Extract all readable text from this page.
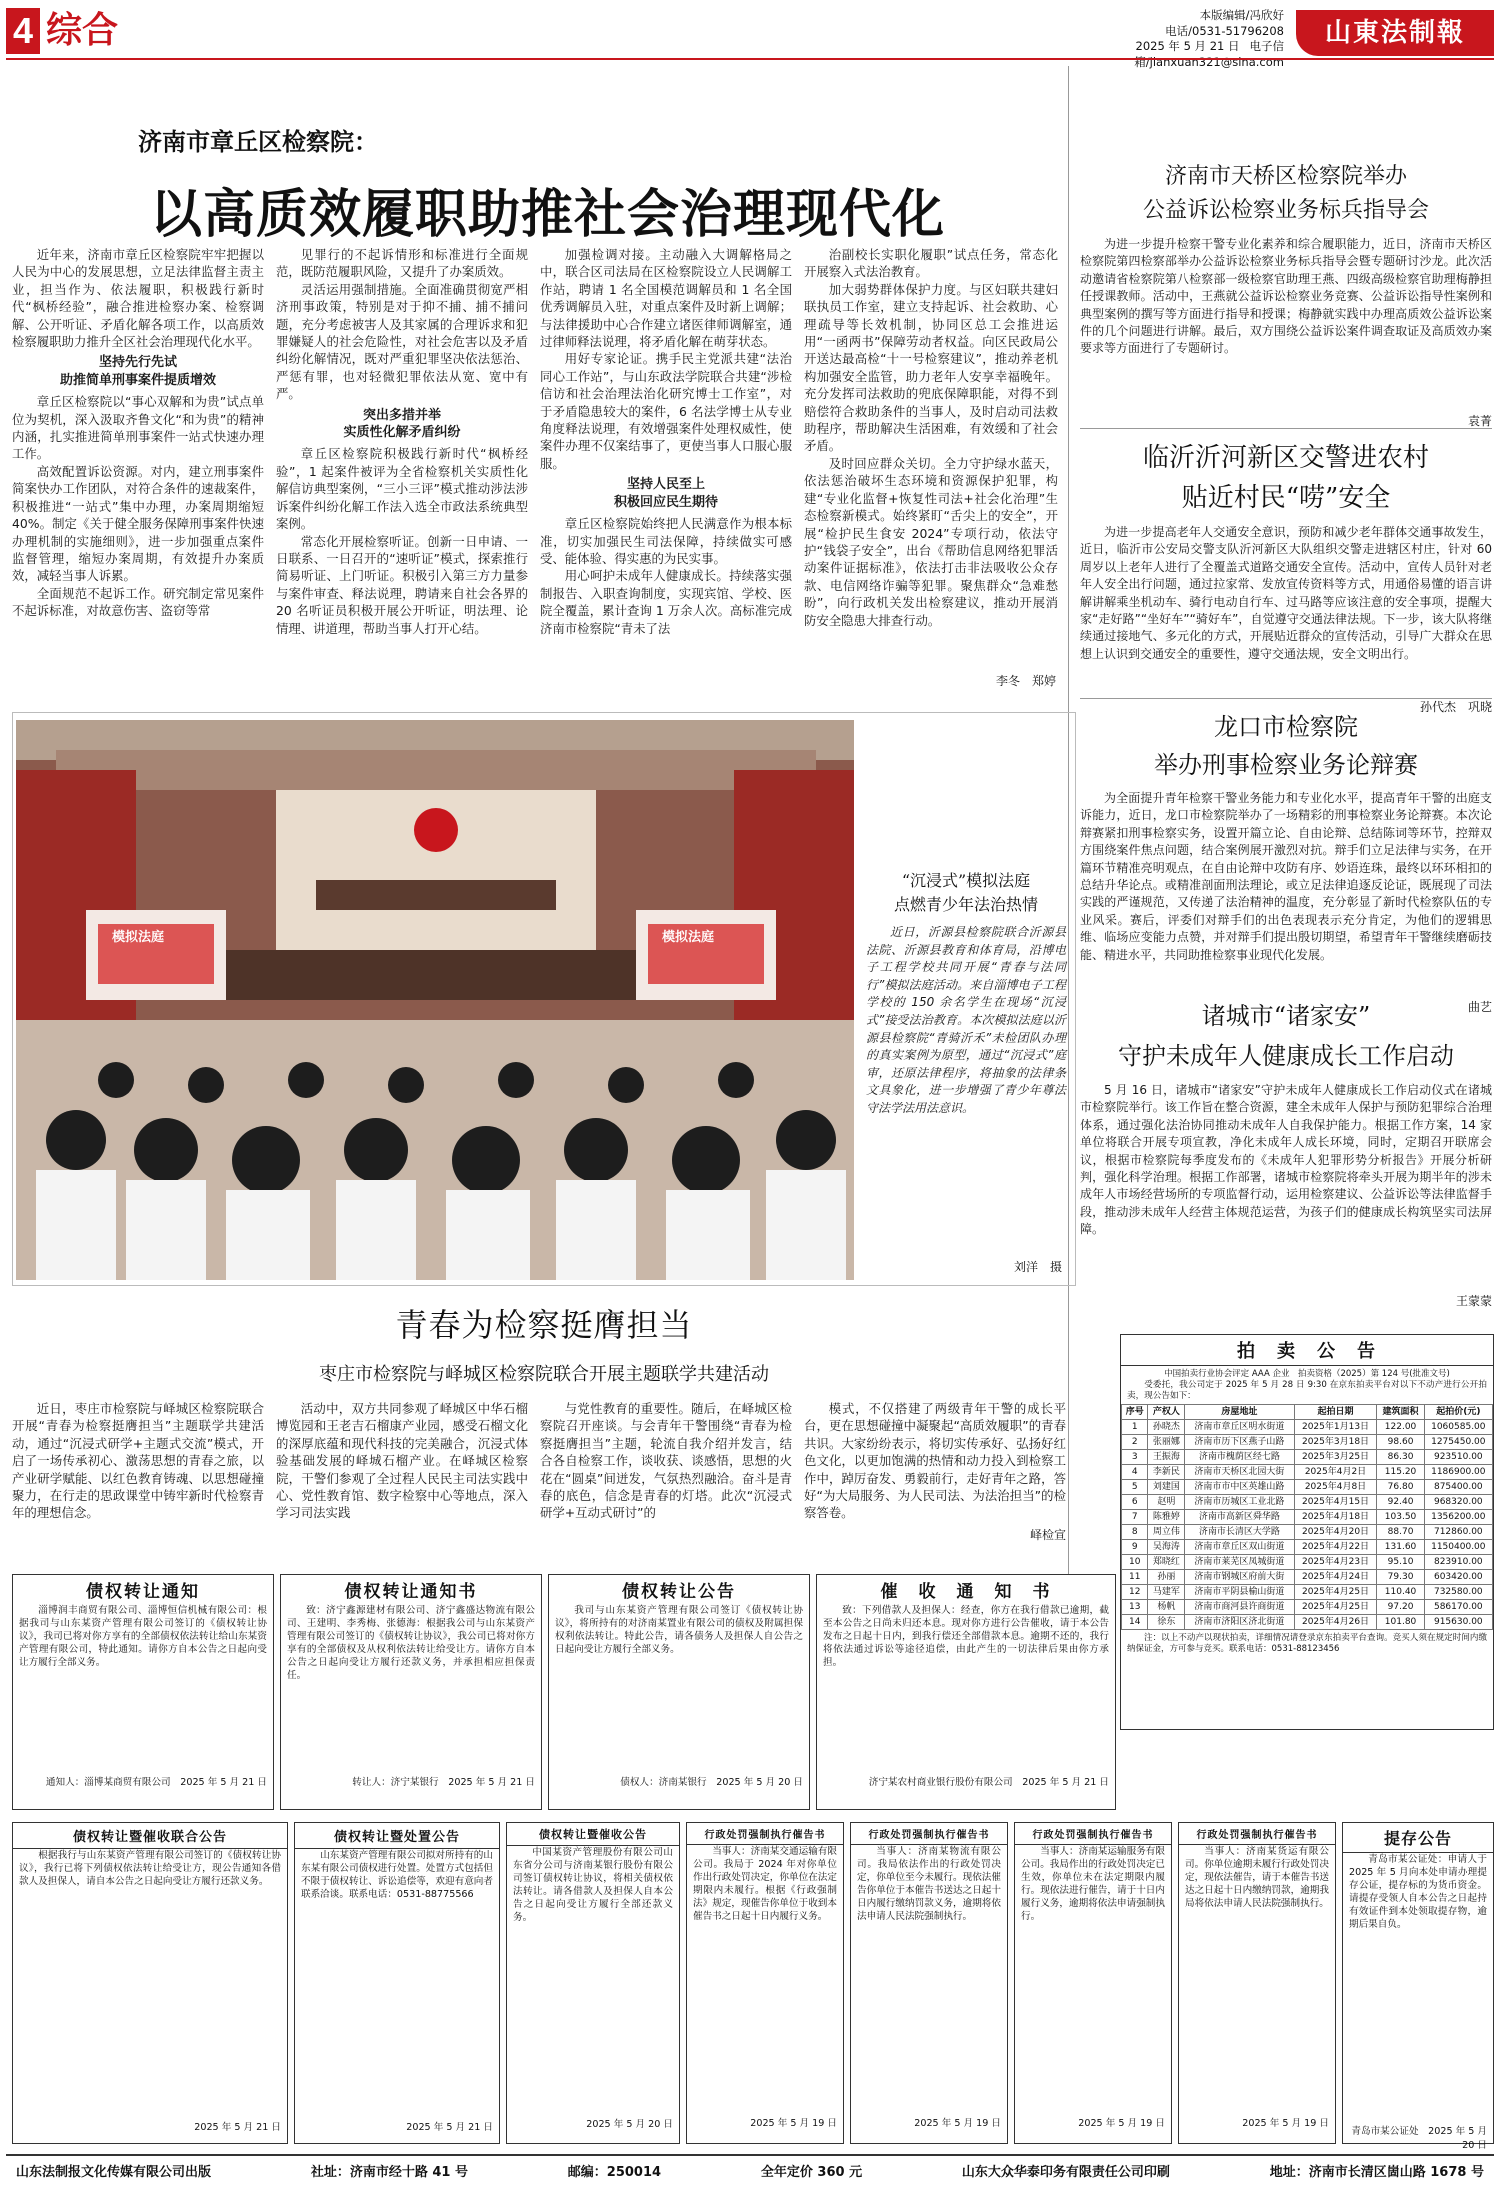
4 综合	本版编辑/冯欣好
电话/0531-51796208
2025 年 5 月 21 日 电子信箱/jianxuan321@sina.com
山東法制報
济南市章丘区检察院：
以高质效履职助推社会治理现代化

近年来，济南市章丘区检察院牢牢把握以人民为中心的发展思想，立足法律监督主责主业，担当作为、依法履职，积极践行新时代“枫桥经验”，融合推进检察办案、检察调解、公开听证、矛盾化解各项工作，以高质效检察履职助力推升全区社会治理现代化水平。

坚持先行先试
助推简单刑事案件提质增效

章丘区检察院以“事心双解和为贵”试点单位为契机，深入汲取齐鲁文化“和为贵”的精神内涵，扎实推进简单刑事案件一站式快速办理工作。

高效配置诉讼资源。对内，建立刑事案件简案快办工作团队，对符合条件的速裁案件，积极推进“一站式”集中办理，办案周期缩短 40%。制定《关于健全服务保障刑事案件快速办理机制的实施细则》，进一步加强重点案件监督管理，缩短办案周期，有效提升办案质效，减轻当事人诉累。

全面规范不起诉工作。研究制定常见案件不起诉标准，对故意伤害、盗窃等常

见罪行的不起诉情形和标准进行全面规范，既防范履职风险，又提升了办案质效。

灵活运用强制措施。全面准确贯彻宽严相济刑事政策，特别是对于抑不捕、捕不捕问题，充分考虑被害人及其家属的合理诉求和犯罪嫌疑人的社会危险性，对社会危害以及矛盾纠纷化解情况，既对严重犯罪坚决依法惩治、严惩有罪，也对轻微犯罪依法从宽、宽中有严。

突出多措并举
实质性化解矛盾纠纷

章丘区检察院积极践行新时代“枫桥经验”，1 起案件被评为全省检察机关实质性化解信访典型案例，“三小三评”模式推动涉法涉诉案件纠纷化解工作法入选全市政法系统典型案例。

常态化开展检察听证。创新一日申请、一日联系、一日召开的“速听证”模式，探索推行简易听证、上门听证。积极引入第三方力量参与案件审查、释法说理，聘请来自社会各界的 20 名听证员积极开展公开听证，明法理、论情理、讲道理，帮助当事人打开心结。

加强检调对接。主动融入大调解格局之中，联合区司法局在区检察院设立人民调解工作站，聘请 1 名全国模范调解员和 1 名全国优秀调解员入驻，对重点案件及时新上调解；与法律援助中心合作建立诸医律师调解室，通过律师释法说理，将矛盾化解在萌芽状态。

用好专家论证。携手民主党派共建“法治同心工作站”，与山东政法学院联合共建“涉检信访和社会治理法治化研究博士工作室”，对于矛盾隐患较大的案件，6 名法学博士从专业角度释法说理，有效增强案件处理权威性，使案件办理不仅案结事了，更使当事人口服心服服。

坚持人民至上
积极回应民生期待

章丘区检察院始终把人民满意作为根本标准，切实加强民生司法保障，持续做实可感受、能体验、得实惠的为民实事。

用心呵护未成年人健康成长。持续落实强制报告、入职查询制度，实现宾馆、学校、医院全覆盖，累计查询 1 万余人次。高标准完成济南市检察院“青未了法

治副校长实职化履职”试点任务，常态化开展察入式法治教育。

加大弱势群体保护力度。与区妇联共建妇联执员工作室，建立支持起诉、社会救助、心理疏导等长效机制，协同区总工会推进运用“一函两书”保障劳动者权益。向区民政局公开送达最高检“十一号检察建议”，推动养老机构加强安全监管，助力老年人安享幸福晚年。充分发挥司法救助的兜底保障职能，对得不到赔偿符合救助条件的当事人，及时启动司法救助程序，帮助解决生活困难，有效缓和了社会矛盾。

及时回应群众关切。全力守护绿水蓝天，依法惩治破坏生态环境和资源保护犯罪，构建“专业化监督+恢复性司法+社会化治理”生态检察新模式。始终紧盯“舌尖上的安全”，开展“检护民生食安 2024”专项行动，依法守护“钱袋子安全”，出台《帮助信息网络犯罪活动案件证据标准》，依法打击非法吸收公众存款、电信网络诈骗等犯罪。聚焦群众“急难愁盼”，向行政机关发出检察建议，推动开展消防安全隐患大排查行动。

李冬　郑婷
模拟法庭	模拟法庭
“沉浸式”模拟法庭
点燃青少年法治热情

近日，沂源县检察院联合沂源县法院、沂源县教育和体育局，沿博电子工程学校共同开展“青春与法同行”模拟法庭活动。来自淄博电子工程学校的 150 余名学生在现场“沉浸式”接受法治教育。本次模拟法庭以沂源县检察院“青骑沂禾”未检团队办理的真实案例为原型，通过“沉浸式”庭审，还原法律程序，将抽象的法律条文具象化，进一步增强了青少年尊法守法学法用法意识。

刘洋　摄
青春为检察挺膺担当
枣庄市检察院与峄城区检察院联合开展主题联学共建活动

近日，枣庄市检察院与峄城区检察院联合开展“青春为检察挺膺担当”主题联学共建活动，通过“沉浸式研学+主题式交流”模式，开启了一场传承初心、激荡思想的青春之旅，以产业研学赋能、以红色教育铸魂、以思想碰撞聚力，在行走的思政课堂中铸牢新时代检察青年的理想信念。

活动中，双方共同参观了峄城区中华石榴博览园和王老吉石榴康产业园，感受石榴文化的深厚底蕴和现代科技的完美融合，沉浸式体验基础发展的峄城石榴产业。在峄城区检察院，干警们参观了全过程人民民主司法实践中心、党性教育馆、数字检察中心等地点，深入学习司法实践

与党性教育的重要性。随后，在峄城区检察院召开座谈。与会青年干警围绕“青春为检察挺膺担当”主题，轮流自我介绍并发言，结合各自检察工作，谈收获、谈感悟，思想的火花在“圆桌”间迸发，气氛热烈融洽。奋斗是青春的底色，信念是青春的灯塔。此次“沉浸式研学+互动式研讨”的

模式，不仅搭建了两级青年干警的成长平台，更在思想碰撞中凝聚起“高质效履职”的青春共识。大家纷纷表示，将切实传承好、弘扬好红色文化，以更加饱满的热情和动力投入到检察工作中，踔厉奋发、勇毅前行，走好青年之路，答好“为大局服务、为人民司法、为法治担当”的检察答卷。

峄检宣
济南市天桥区检察院举办
公益诉讼检察业务标兵指导会

为进一步提升检察干警专业化素养和综合履职能力，近日，济南市天桥区检察院第四检察部举办公益诉讼检察业务标兵指导会暨专题研讨沙龙。此次活动邀请省检察院第八检察部一级检察官助理王燕、四级高级检察官助理梅静担任授课教师。活动中，王燕就公益诉讼检察业务竞赛、公益诉讼指导性案例和典型案例的撰写等方面进行指导和授课；梅静就实践中办理高质效公益诉讼案件的几个问题进行讲解。最后，双方围绕公益诉讼案件调查取证及高质效办案要求等方面进行了专题研讨。

袁菁
临沂沂河新区交警进农村
贴近村民“唠”安全

为进一步提高老年人交通安全意识，预防和减少老年群体交通事故发生，近日，临沂市公安局交警支队沂河新区大队组织交警走进辖区村庄，针对 60 周岁以上老年人进行了全覆盖式道路交通安全宣传。活动中，宣传人员针对老年人安全出行问题，通过拉家常、发放宣传资料等方式，用通俗易懂的语言讲解讲解乘坐机动车、骑行电动自行车、过马路等应该注意的安全事项，提醒大家“走好路”“坐好车”“骑好车”，自觉遵守交通法律法规。下一步，该大队将继续通过接地气、多元化的方式，开展贴近群众的宣传活动，引导广大群众在思想上认识到交通安全的重要性，遵守交通法规，安全文明出行。

孙代杰　巩晓
龙口市检察院
举办刑事检察业务论辩赛

为全面提升青年检察干警业务能力和专业化水平，提高青年干警的出庭支诉能力，近日，龙口市检察院举办了一场精彩的刑事检察业务论辩赛。本次论辩赛紧扣刑事检察实务，设置开篇立论、自由论辩、总结陈词等环节，控辩双方围绕案件焦点问题，结合案例展开激烈对抗。辩手们立足法律与实务，在开篇环节精准亮明观点，在自由论辩中攻防有序、妙语连珠，最终以环环相扣的总结升华论点。或精准剖面刑法理论，或立足法律追逐反论证，既展现了司法实践的严谨规范，又传递了法治精神的温度，充分彰显了新时代检察队伍的专业风采。赛后，评委们对辩手们的出色表现表示充分肯定，为他们的逻辑思维、临场应变能力点赞，并对辩手们提出殷切期望，希望青年干警继续磨砺技能、精进水平，共同助推检察事业现代化发展。

曲艺
诸城市“诸家安”
守护未成年人健康成长工作启动

5 月 16 日，诸城市“诸家安”守护未成年人健康成长工作启动仪式在诸城市检察院举行。该工作旨在整合资源，建全未成年人保护与预防犯罪综合治理体系，通过强化法治协同推动未成年人自我保护能力。根据工作方案，14 家单位将联合开展专项宣教，净化未成年人成长环境，同时，定期召开联席会议，根据市检察院每季度发布的《未成年人犯罪形势分析报告》开展分析研判，强化科学治理。根据工作部署，诸城市检察院将牵头开展为期半年的涉未成年人市场经营场所的专项监督行动，运用检察建议、公益诉讼等法律监督手段，推动涉未成年人经营主体规范运营，为孩子们的健康成长构筑坚实司法屏障。

王蒙蒙
拍　卖　公　告
中国拍卖行业协会评定 AAA 企业　拍卖资格（2025）第 124 号(批准文号)

受委托，我公司定于 2025 年 5 月 28 日 9:30 在京东拍卖平台对以下不动产进行公开拍卖，现公告如下：

序号	产权人	房屋地址	起拍日期	建筑面积	起拍价(元)
1	孙晓杰	济南市章丘区明水街道	2025年1月13日	122.00	1060585.00
2	张丽娜	济南市历下区燕子山路	2025年3月18日	98.60	1275450.00
3	王振海	济南市槐荫区经七路	2025年3月25日	86.30	923510.00
4	李新民	济南市天桥区北园大街	2025年4月2日	115.20	1186900.00
5	刘建国	济南市市中区英雄山路	2025年4月8日	76.80	875400.00
6	赵明	济南市历城区工业北路	2025年4月15日	92.40	968320.00
7	陈雅婷	济南市高新区舜华路	2025年4月18日	103.50	1356200.00
8	周立伟	济南市长清区大学路	2025年4月20日	88.70	712860.00
9	吴海涛	济南市章丘区双山街道	2025年4月22日	131.60	1150400.00
10	郑晓红	济南市莱芜区凤城街道	2025年4月23日	95.10	823910.00
11	孙丽	济南市钢城区府前大街	2025年4月24日	79.30	603420.00
12	马建军	济南市平阴县榆山街道	2025年4月25日	110.40	732580.00
13	杨帆	济南市商河县许商街道	2025年4月25日	97.20	586170.00
14	徐东	济南市济阳区济北街道	2025年4月26日	101.80	915630.00

注：以上不动产以现状拍卖，详细情况请登录京东拍卖平台查询。竞买人须在规定时间内缴纳保证金，方可参与竞买。联系电话：0531-88123456

债权转让通知

淄博润丰商贸有限公司、淄博恒信机械有限公司：根据我司与山东某资产管理有限公司签订的《债权转让协议》，我司已将对你方享有的全部债权依法转让给山东某资产管理有限公司，特此通知。请你方自本公告之日起向受让方履行全部义务。

通知人：淄博某商贸有限公司　2025 年 5 月 21 日
债权转让通知书

致：济宁鑫源建材有限公司、济宁鑫盛达物流有限公司、王建明、李秀梅、张德海：根据我公司与山东某资产管理有限公司签订的《债权转让协议》，我公司已将对你方享有的全部债权及从权利依法转让给受让方。请你方自本公告之日起向受让方履行还款义务，并承担相应担保责任。

转让人：济宁某银行　2025 年 5 月 21 日
债权转让公告

我司与山东某资产管理有限公司签订《债权转让协议》，将所持有的对济南某置业有限公司的债权及附属担保权利依法转让。特此公告，请各债务人及担保人自公告之日起向受让方履行全部义务。

债权人：济南某银行　2025 年 5 月 20 日
催　收　通　知　书

致：下列借款人及担保人：经查，你方在我行借款已逾期，截至本公告之日尚未归还本息。现对你方进行公告催收，请于本公告发布之日起十日内，到我行偿还全部借款本息。逾期不还的，我行将依法通过诉讼等途径追偿，由此产生的一切法律后果由你方承担。

济宁某农村商业银行股份有限公司　2025 年 5 月 21 日
债权转让暨催收联合公告

根据我行与山东某资产管理有限公司签订的《债权转让协议》，我行已将下列债权依法转让给受让方，现公告通知各借款人及担保人，请自本公告之日起向受让方履行还款义务。

2025 年 5 月 21 日
债权转让暨处置公告

山东某资产管理有限公司拟对所持有的山东某有限公司债权进行处置。处置方式包括但不限于债权转让、诉讼追偿等，欢迎有意向者联系洽谈。联系电话：0531-88775566

2025 年 5 月 21 日
债权转让暨催收公告

中国某资产管理股份有限公司山东省分公司与济南某银行股份有限公司签订债权转让协议，将相关债权依法转让。请各借款人及担保人自本公告之日起向受让方履行全部还款义务。

2025 年 5 月 20 日
行政处罚强制执行催告书

当事人：济南某交通运输有限公司。我局于 2024 年对你单位作出行政处罚决定，你单位在法定期限内未履行。根据《行政强制法》规定，现催告你单位于收到本催告书之日起十日内履行义务。

2025 年 5 月 19 日
行政处罚强制执行催告书

当事人：济南某物流有限公司。我局依法作出的行政处罚决定，你单位至今未履行。现依法催告你单位于本催告书送达之日起十日内履行缴纳罚款义务，逾期将依法申请人民法院强制执行。

2025 年 5 月 19 日
行政处罚强制执行催告书

当事人：济南某运输服务有限公司。我局作出的行政处罚决定已生效，你单位未在法定期限内履行。现依法进行催告，请于十日内履行义务，逾期将依法申请强制执行。

2025 年 5 月 19 日
行政处罚强制执行催告书

当事人：济南某货运有限公司。你单位逾期未履行行政处罚决定，现依法催告，请于本催告书送达之日起十日内缴纳罚款，逾期我局将依法申请人民法院强制执行。

2025 年 5 月 19 日
提存公告

青岛市某公证处：申请人于 2025 年 5 月向本处申请办理提存公证，提存标的为货币资金。请提存受领人自本公告之日起持有效证件到本处领取提存物，逾期后果自负。

青岛市某公证处　2025 年 5 月 20 日
山东法制报文化传媒有限公司出版	社址：济南市经十路 41 号	邮编：250014	全年定价 360 元	山东大众华泰印务有限责任公司印刷	地址：济南市长清区崮山路 1678 号
